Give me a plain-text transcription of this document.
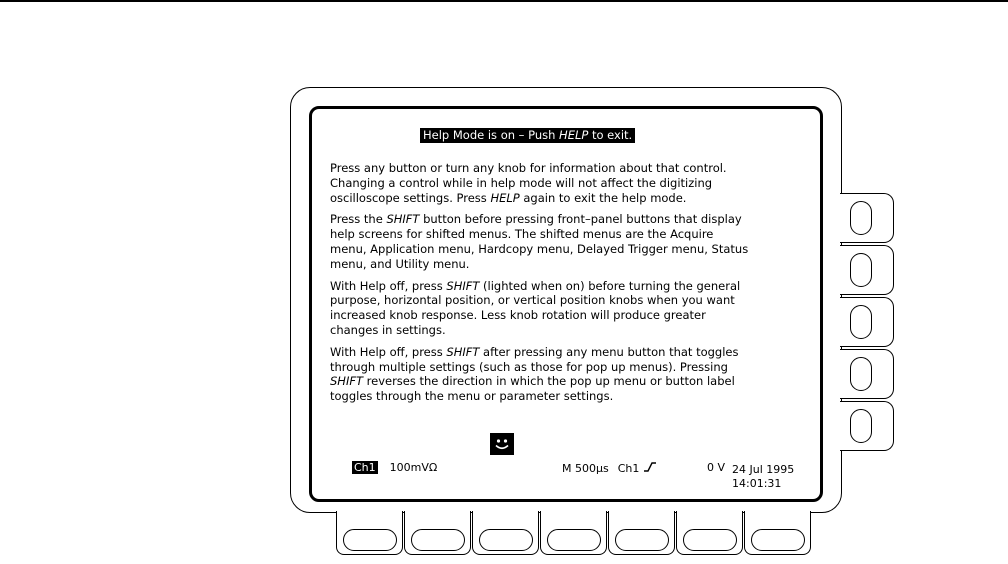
Help Mode is on – Push HELP to exit.

Press any button or turn any knob for information about that control. Changing a control while in help mode will not affect the digitizing oscilloscope settings. Press HELP again to exit the help mode.

Press the SHIFT button before pressing front–panel buttons that display help screens for shifted menus. The shifted menus are the Acquire menu, Application menu, Hardcopy menu, Delayed Trigger menu, Status menu, and Utility menu.

With Help off, press SHIFT (lighted when on) before turning the general purpose, horizontal position, or vertical position knobs when you want increased knob response. Less knob rotation will produce greater changes in settings.

With Help off, press SHIFT after pressing any menu button that toggles through multiple settings (such as those for pop up menus). Pressing SHIFT reverses the direction in which the pop up menu or button label toggles through the menu or parameter settings.

Ch1 100mVΩ	M 500μs Ch1	0 V 24 Jul 1995
14:01:31
